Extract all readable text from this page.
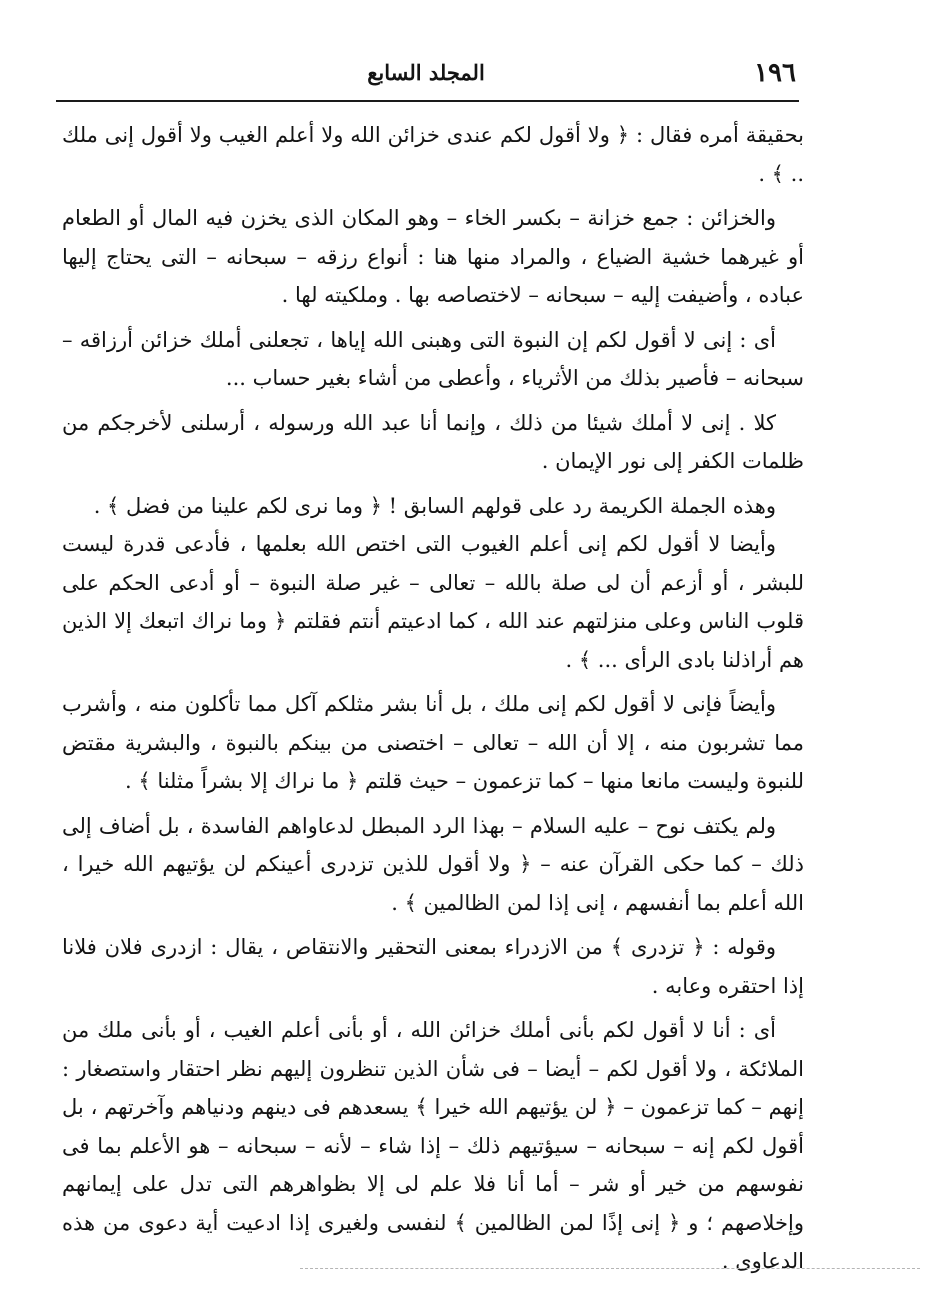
١٩٦
المجلد السابع

بحقيقة أمره فقال : ﴿ ولا أقول لكم عندى خزائن الله ولا أعلم الغيب ولا أقول إنى ملك .. ﴾ .

والخزائن : جمع خزانة – بكسر الخاء – وهو المكان الذى يخزن فيه المال أو الطعام أو غيرهما خشية الضياع ، والمراد منها هنا : أنواع رزقه – سبحانه – التى يحتاج إليها عباده ، وأضيفت إليه – سبحانه – لاختصاصه بها . وملكيته لها .

أى : إنى لا أقول لكم إن النبوة التى وهبنى الله إياها ، تجعلنى أملك خزائن أرزاقه – سبحانه – فأصير بذلك من الأثرياء ، وأعطى من أشاء بغير حساب ...

كلا . إنى لا أملك شيئا من ذلك ، وإنما أنا عبد الله ورسوله ، أرسلنى لأخرجكم من ظلمات الكفر إلى نور الإيمان .

وهذه الجملة الكريمة رد على قولهم السابق ! ﴿ وما نرى لكم علينا من فضل ﴾ .

وأيضا لا أقول لكم إنى أعلم الغيوب التى اختص الله بعلمها ، فأدعى قدرة ليست للبشر ، أو أزعم أن لى صلة بالله – تعالى – غير صلة النبوة – أو أدعى الحكم على قلوب الناس وعلى منزلتهم عند الله ، كما ادعيتم أنتم فقلتم ﴿ وما نراك اتبعك إلا الذين هم أراذلنا بادى الرأى ... ﴾ .

وأيضاً فإنى لا أقول لكم إنى ملك ، بل أنا بشر مثلكم آكل مما تأكلون منه ، وأشرب مما تشربون منه ، إلا أن الله – تعالى – اختصنى من بينكم بالنبوة ، والبشرية مقتض للنبوة وليست مانعا منها – كما تزعمون – حيث قلتم ﴿ ما نراك إلا بشراً مثلنا ﴾ .

ولم يكتف نوح – عليه السلام – بهذا الرد المبطل لدعاواهم الفاسدة ، بل أضاف إلى ذلك – كما حكى القرآن عنه – ﴿ ولا أقول للذين تزدرى أعينكم لن يؤتيهم الله خيرا ، الله أعلم بما أنفسهم ، إنى إذا لمن الظالمين ﴾ .

وقوله : ﴿ تزدرى ﴾ من الازدراء بمعنى التحقير والانتقاص ، يقال : ازدرى فلان فلانا إذا احتقره وعابه .

أى : أنا لا أقول لكم بأنى أملك خزائن الله ، أو بأنى أعلم الغيب ، أو بأنى ملك من الملائكة ، ولا أقول لكم – أيضا – فى شأن الذين تنظرون إليهم نظر احتقار واستصغار : إنهم – كما تزعمون – ﴿ لن يؤتيهم الله خيرا ﴾ يسعدهم فى دينهم ودنياهم وآخرتهم ، بل أقول لكم إنه – سبحانه – سيؤتيهم ذلك – إذا شاء – لأنه – سبحانه – هو الأعلم بما فى نفوسهم من خير أو شر – أما أنا فلا علم لى إلا بظواهرهم التى تدل على إيمانهم وإخلاصهم ؛ و ﴿ إنى إذًا لمن الظالمين ﴾ لنفسى ولغيرى إذا ادعيت أية دعوى من هذه الدعاوى .
